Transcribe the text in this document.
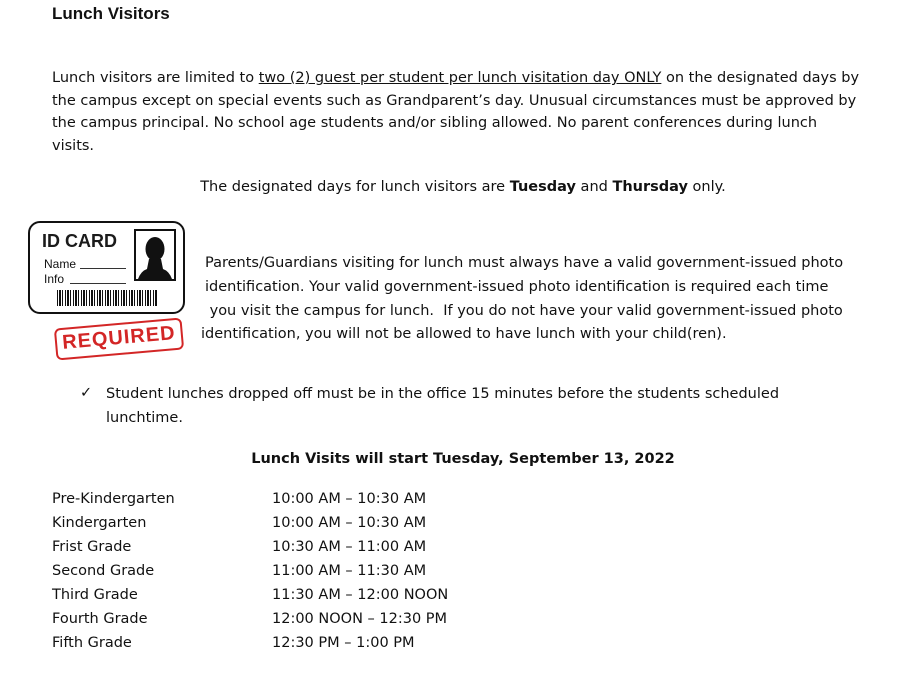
Lunch Visitors
Lunch visitors are limited to two (2) guest per student per lunch visitation day ONLY on the designated days by
the campus except on special events such as Grandparent’s day. Unusual circumstances must be approved by
the campus principal. No school age students and/or sibling allowed. No parent conferences during lunch
visits.
The designated days for lunch visitors are Tuesday and Thursday only.
ID CARD
Name
Info
REQUIRED
Parents/Guardians visiting for lunch must always have a valid government-issued photo
identification. Your valid government-issued photo identification is required each time
you visit the campus for lunch.  If you do not have your valid government-issued photo
identification, you will not be allowed to have lunch with your child(ren).
✓ Student lunches dropped off must be in the office 15 minutes before the students scheduled
lunchtime.
Lunch Visits will start Tuesday, September 13, 2022
Pre-Kindergarten	10:00 AM – 10:30 AM
Kindergarten	10:00 AM – 10:30 AM
Frist Grade	10:30 AM – 11:00 AM
Second Grade	11:00 AM – 11:30 AM
Third Grade	11:30 AM – 12:00 NOON
Fourth Grade	12:00 NOON – 12:30 PM
Fifth Grade	12:30 PM – 1:00 PM
